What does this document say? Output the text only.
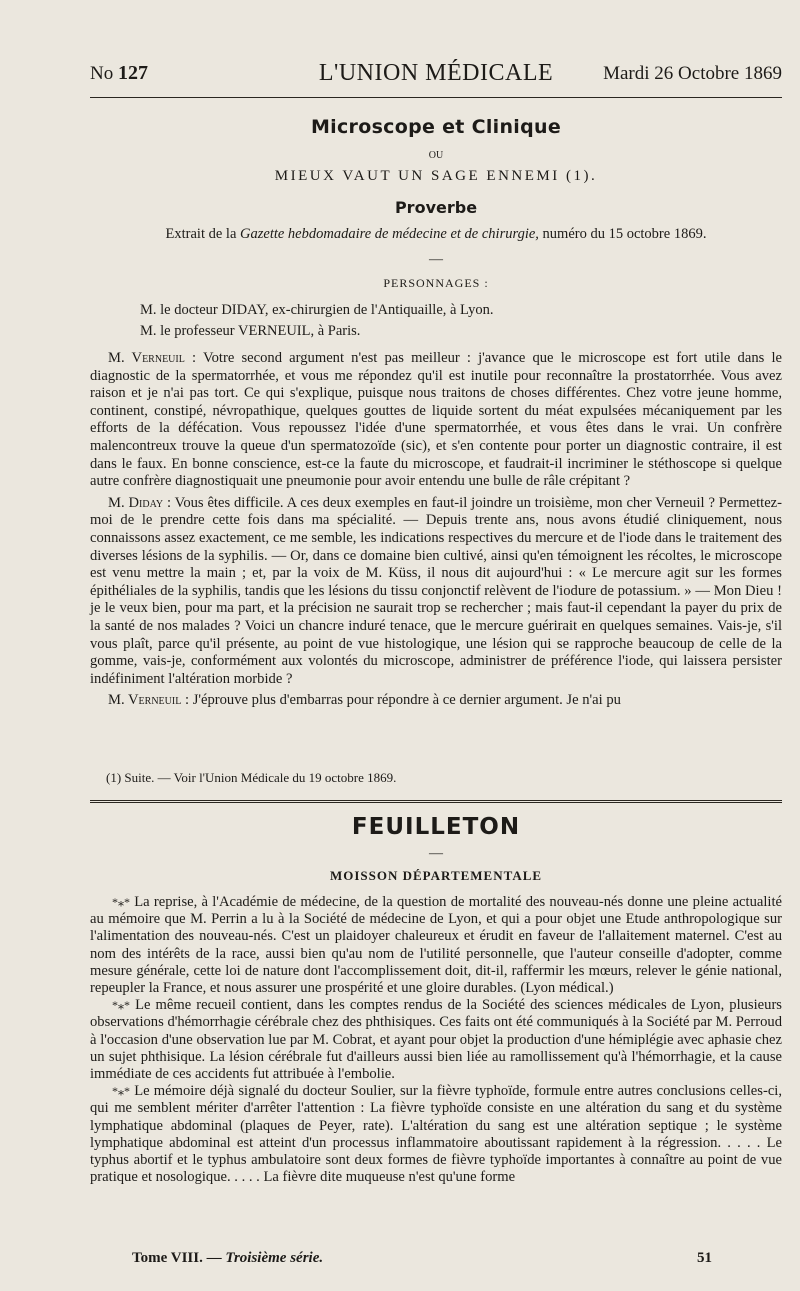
No 127	L'UNION MÉDICALE	Mardi 26 Octobre 1869
Microscope et Clinique
OU
MIEUX VAUT UN SAGE ENNEMI (1).
Proverbe
Extrait de la Gazette hebdomadaire de médecine et de chirurgie, numéro du 15 octobre 1869.
—
PERSONNAGES :
M. le docteur DIDAY, ex-chirurgien de l'Antiquaille, à Lyon.
M. le professeur VERNEUIL, à Paris.

M. Verneuil : Votre second argument n'est pas meilleur : j'avance que le microscope est fort utile dans le diagnostic de la spermatorrhée, et vous me répondez qu'il est inutile pour reconnaître la prostatorrhée. Vous avez raison et je n'ai pas tort. Ce qui s'explique, puisque nous traitons de choses différentes. Chez votre jeune homme, continent, constipé, névropathique, quelques gouttes de liquide sortent du méat expulsées mécaniquement par les efforts de la défécation. Vous repoussez l'idée d'une spermatorrhée, et vous êtes dans le vrai. Un confrère malencontreux trouve la queue d'un spermatozoïde (sic), et s'en contente pour porter un diagnostic contraire, il est dans le faux. En bonne conscience, est-ce la faute du microscope, et faudrait-il incriminer le stéthoscope si quelque autre confrère diagnostiquait une pneumonie pour avoir entendu une bulle de râle crépitant ?

M. Diday : Vous êtes difficile. A ces deux exemples en faut-il joindre un troisième, mon cher Verneuil ? Permettez-moi de le prendre cette fois dans ma spécialité. — Depuis trente ans, nous avons étudié cliniquement, nous connaissons assez exactement, ce me semble, les indications respectives du mercure et de l'iode dans le traitement des diverses lésions de la syphilis. — Or, dans ce domaine bien cultivé, ainsi qu'en témoignent les récoltes, le microscope est venu mettre la main ; et, par la voix de M. Küss, il nous dit aujourd'hui : « Le mercure agit sur les formes épithéliales de la syphilis, tandis que les lésions du tissu conjonctif relèvent de l'iodure de potassium. » — Mon Dieu ! je le veux bien, pour ma part, et la précision ne saurait trop se rechercher ; mais faut-il cependant la payer du prix de la santé de nos malades ? Voici un chancre induré tenace, que le mercure guérirait en quelques semaines. Vais-je, s'il vous plaît, parce qu'il présente, au point de vue histologique, une lésion qui se rapproche beaucoup de celle de la gomme, vais-je, conformément aux volontés du microscope, administrer de préférence l'iode, qui laissera persister indéfiniment l'altération morbide ?

M. Verneuil : J'éprouve plus d'embarras pour répondre à ce dernier argument. Je n'ai pu

(1) Suite. — Voir l'Union Médicale du 19 octobre 1869.
FEUILLETON
—
MOISSON DÉPARTEMENTALE

*⁎* La reprise, à l'Académie de médecine, de la question de mortalité des nouveau-nés donne une pleine actualité au mémoire que M. Perrin a lu à la Société de médecine de Lyon, et qui a pour objet une Etude anthropologique sur l'alimentation des nouveau-nés. C'est un plaidoyer chaleureux et érudit en faveur de l'allaitement maternel. C'est au nom des intérêts de la race, aussi bien qu'au nom de l'utilité personnelle, que l'auteur conseille d'adopter, comme mesure générale, cette loi de nature dont l'accomplissement doit, dit-il, raffermir les mœurs, relever le génie national, repeupler la France, et nous assurer une prospérité et une gloire durables. (Lyon médical.)

*⁎* Le même recueil contient, dans les comptes rendus de la Société des sciences médicales de Lyon, plusieurs observations d'hémorrhagie cérébrale chez des phthisiques. Ces faits ont été communiqués à la Société par M. Perroud à l'occasion d'une observation lue par M. Cobrat, et ayant pour objet la production d'une hémiplégie avec aphasie chez un sujet phthisique. La lésion cérébrale fut d'ailleurs aussi bien liée au ramollissement qu'à l'hémorrhagie, et la cause immédiate de ces accidents fut attribuée à l'embolie.

*⁎* Le mémoire déjà signalé du docteur Soulier, sur la fièvre typhoïde, formule entre autres conclusions celles-ci, qui me semblent mériter d'arrêter l'attention : La fièvre typhoïde consiste en une altération du sang et du système lymphatique abdominal (plaques de Peyer, rate). L'altération du sang est une altération septique ; le système lymphatique abdominal est atteint d'un processus inflammatoire aboutissant rapidement à la régression. . . . . Le typhus abortif et le typhus ambulatoire sont deux formes de fièvre typhoïde importantes à connaître au point de vue pratique et nosologique. . . . . La fièvre dite muqueuse n'est qu'une forme

Tome VIII. — Troisième série.	51
